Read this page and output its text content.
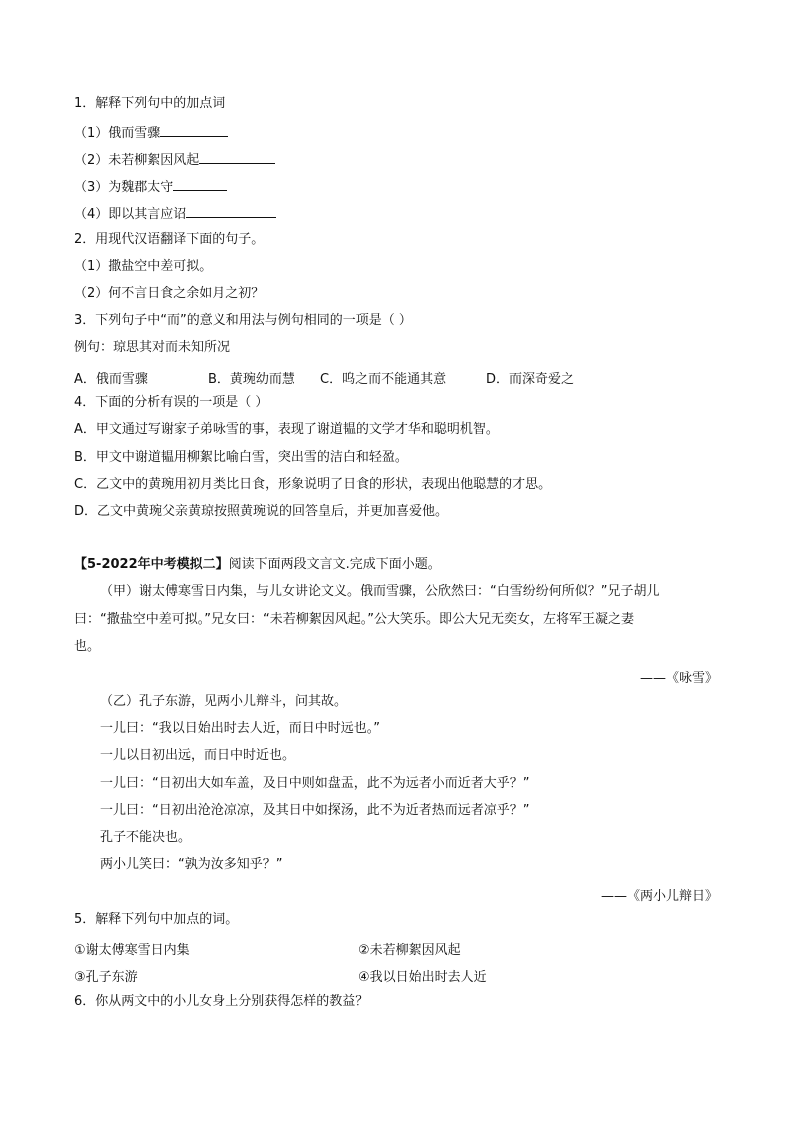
1．解释下列句中的加点词
（1）俄而雪骤
（2）未若柳絮因风起
（3）为魏郡太守
（4）即以其言应诏
2．用现代汉语翻译下面的句子。
（1）撒盐空中差可拟。
（2）何不言日食之余如月之初？
3．下列句子中“而”的意义和用法与例句相同的一项是（ ）
例句：琼思其对而未知所况
A．俄而雪骤	B．黄琬幼而慧 C．呜之而不能通其意	D．而深奇爱之
4．下面的分析有误的一项是（ ）
A．甲文通过写谢家子弟咏雪的事，表现了谢道韫的文学才华和聪明机智。
B．甲文中谢道韫用柳絮比喻白雪，突出雪的洁白和轻盈。
C．乙文中的黄琬用初月类比日食，形象说明了日食的形状，表现出他聪慧的才思。
D．乙文中黄琬父亲黄琼按照黄琬说的回答皇后，并更加喜爱他。
【5-2022年中考模拟二】阅读下面两段文言文.完成下面小题。
（甲）谢太傅寒雪日内集，与儿女讲论文义。俄而雪骤，公欣然曰：“白雪纷纷何所似？”兄子胡儿
曰：“撒盐空中差可拟。”兄女曰：“未若柳絮因风起。”公大笑乐。即公大兄无奕女，左将军王凝之妻
也。
——《咏雪》
（乙）孔子东游，见两小儿辩斗，问其故。
一儿曰：“我以日始出时去人近，而日中时远也。”
一儿以日初出远，而日中时近也。
一儿曰：“日初出大如车盖，及日中则如盘盂，此不为远者小而近者大乎？”
一儿曰：“日初出沧沧凉凉，及其日中如探汤，此不为近者热而远者凉乎？”
孔子不能决也。
两小儿笑曰：“孰为汝多知乎？”
——《两小儿辩日》
5．解释下列句中加点的词。
①谢太傅寒雪日内集	②未若柳絮因风起
③孔子东游	④我以日始出时去人近
6．你从两文中的小儿女身上分别获得怎样的教益？
